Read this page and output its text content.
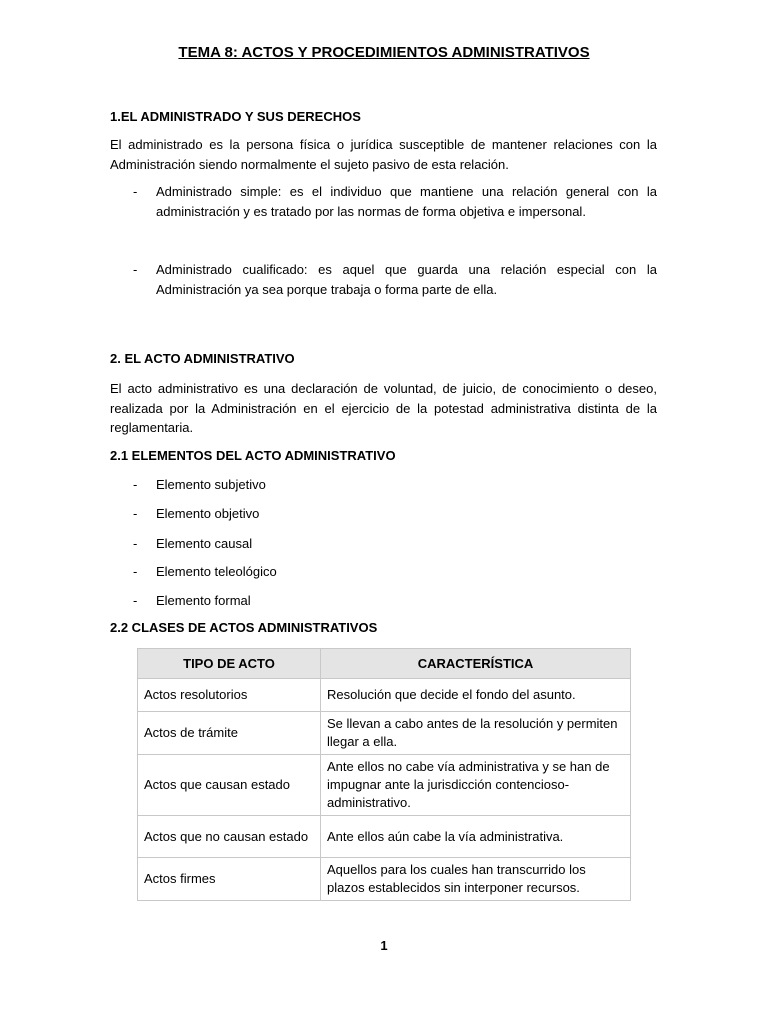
TEMA 8: ACTOS Y PROCEDIMIENTOS ADMINISTRATIVOS

1.EL ADMINISTRADO Y SUS DERECHOS

El administrado es la persona física o jurídica susceptible de mantener relaciones con la Administración siendo normalmente el sujeto pasivo de esta relación.

- Administrado simple: es el individuo que mantiene una relación general con la administración y es tratado por las normas de forma objetiva e impersonal.

- Administrado cualificado: es aquel que guarda una relación especial con la Administración ya sea porque trabaja o forma parte de ella.

2. EL ACTO ADMINISTRATIVO

El acto administrativo es una declaración de voluntad, de juicio, de conocimiento o deseo, realizada por la Administración en el ejercicio de la potestad administrativa distinta de la reglamentaria.

2.1 ELEMENTOS DEL ACTO ADMINISTRATIVO

- Elemento subjetivo

- Elemento objetivo

- Elemento causal

- Elemento teleológico

- Elemento formal

2.2 CLASES DE ACTOS ADMINISTRATIVOS

TIPO DE ACTO	CARACTERÍSTICA
Actos resolutorios	Resolución que decide el fondo del asunto.
Actos de trámite	Se llevan a cabo antes de la resolución y permiten llegar a ella.
Actos que causan estado	Ante ellos no cabe vía administrativa y se han de impugnar ante la jurisdicción contencioso-administrativo.
Actos que no causan estado	Ante ellos aún cabe la vía administrativa.
Actos firmes	Aquellos para los cuales han transcurrido los plazos establecidos sin interponer recursos.

1
